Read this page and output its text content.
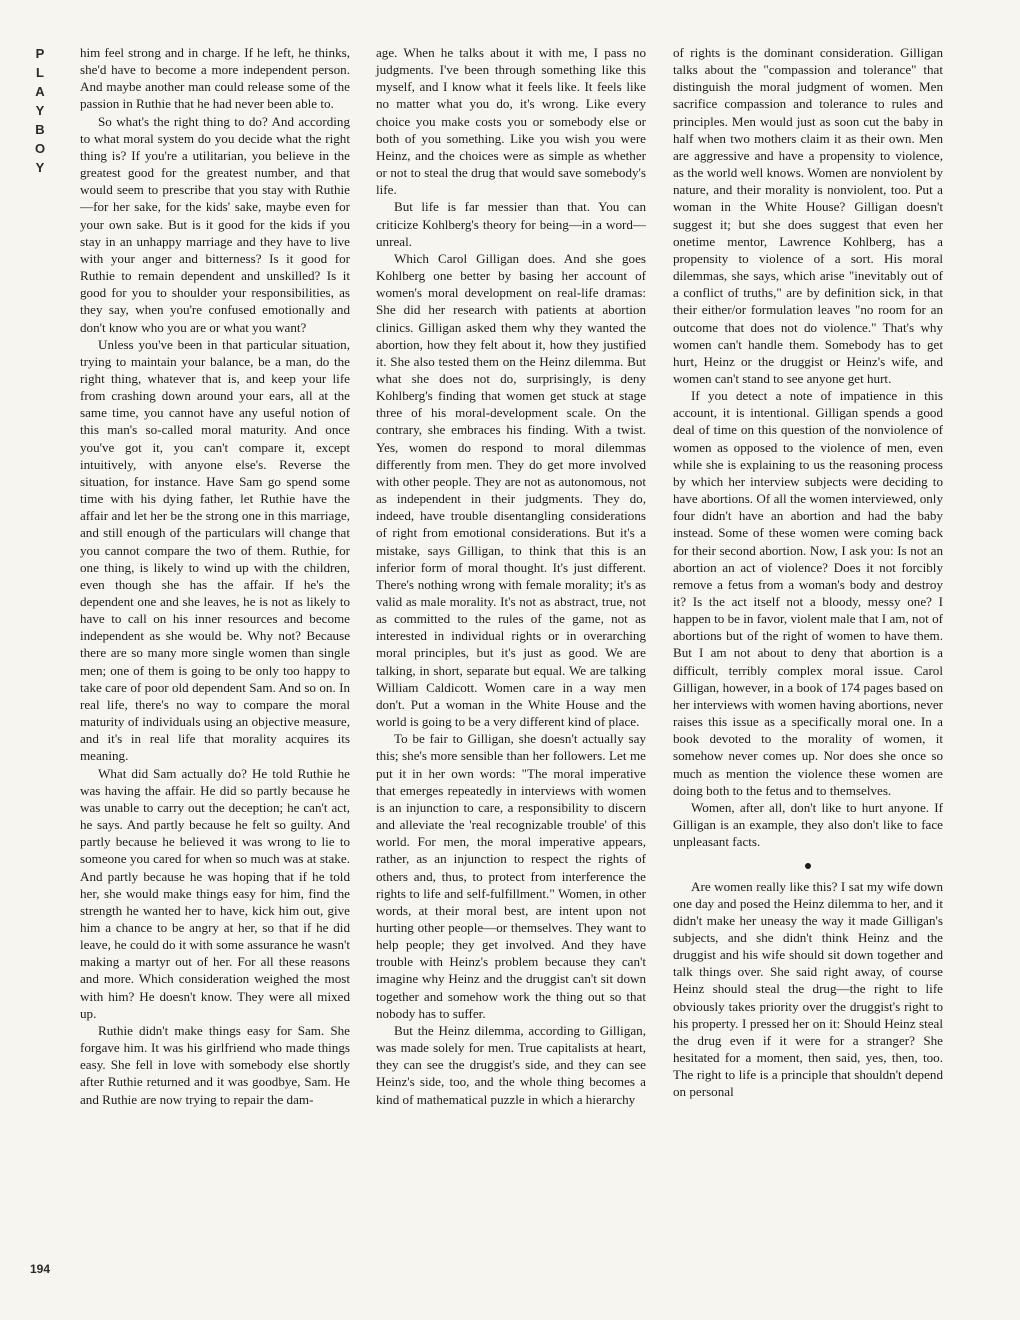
P
L
A
Y
B
O
Y
194

him feel strong and in charge. If he left, he thinks, she'd have to become a more independent person. And maybe another man could release some of the passion in Ruthie that he had never been able to.

So what's the right thing to do? And according to what moral system do you decide what the right thing is? If you're a utilitarian, you believe in the greatest good for the greatest number, and that would seem to prescribe that you stay with Ruthie—for her sake, for the kids' sake, maybe even for your own sake. But is it good for the kids if you stay in an unhappy marriage and they have to live with your anger and bitterness? Is it good for Ruthie to remain dependent and unskilled? Is it good for you to shoulder your responsibilities, as they say, when you're confused emotionally and don't know who you are or what you want?

Unless you've been in that particular situation, trying to maintain your balance, be a man, do the right thing, whatever that is, and keep your life from crashing down around your ears, all at the same time, you cannot have any useful notion of this man's so-called moral maturity. And once you've got it, you can't compare it, except intuitively, with anyone else's. Reverse the situation, for instance. Have Sam go spend some time with his dying father, let Ruthie have the affair and let her be the strong one in this marriage, and still enough of the particulars will change that you cannot compare the two of them. Ruthie, for one thing, is likely to wind up with the children, even though she has the affair. If he's the dependent one and she leaves, he is not as likely to have to call on his inner resources and become independent as she would be. Why not? Because there are so many more single women than single men; one of them is going to be only too happy to take care of poor old dependent Sam. And so on. In real life, there's no way to compare the moral maturity of individuals using an objective measure, and it's in real life that morality acquires its meaning.

What did Sam actually do? He told Ruthie he was having the affair. He did so partly because he was unable to carry out the deception; he can't act, he says. And partly because he felt so guilty. And partly because he believed it was wrong to lie to someone you cared for when so much was at stake. And partly because he was hoping that if he told her, she would make things easy for him, find the strength he wanted her to have, kick him out, give him a chance to be angry at her, so that if he did leave, he could do it with some assurance he wasn't making a martyr out of her. For all these reasons and more. Which consideration weighed the most with him? He doesn't know. They were all mixed up.

Ruthie didn't make things easy for Sam. She forgave him. It was his girlfriend who made things easy. She fell in love with somebody else shortly after Ruthie returned and it was goodbye, Sam. He and Ruthie are now trying to repair the dam-

age. When he talks about it with me, I pass no judgments. I've been through something like this myself, and I know what it feels like. It feels like no matter what you do, it's wrong. Like every choice you make costs you or somebody else or both of you something. Like you wish you were Heinz, and the choices were as simple as whether or not to steal the drug that would save somebody's life.

But life is far messier than that. You can criticize Kohlberg's theory for being—in a word—unreal.

Which Carol Gilligan does. And she goes Kohlberg one better by basing her account of women's moral development on real-life dramas: She did her research with patients at abortion clinics. Gilligan asked them why they wanted the abortion, how they felt about it, how they justified it. She also tested them on the Heinz dilemma. But what she does not do, surprisingly, is deny Kohlberg's finding that women get stuck at stage three of his moral-development scale. On the contrary, she embraces his finding. With a twist. Yes, women do respond to moral dilemmas differently from men. They do get more involved with other people. They are not as autonomous, not as independent in their judgments. They do, indeed, have trouble disentangling considerations of right from emotional considerations. But it's a mistake, says Gilligan, to think that this is an inferior form of moral thought. It's just different. There's nothing wrong with female morality; it's as valid as male morality. It's not as abstract, true, not as committed to the rules of the game, not as interested in individual rights or in overarching moral principles, but it's just as good. We are talking, in short, separate but equal. We are talking William Caldicott. Women care in a way men don't. Put a woman in the White House and the world is going to be a very different kind of place.

To be fair to Gilligan, she doesn't actually say this; she's more sensible than her followers. Let me put it in her own words: "The moral imperative that emerges repeatedly in interviews with women is an injunction to care, a responsibility to discern and alleviate the 'real recognizable trouble' of this world. For men, the moral imperative appears, rather, as an injunction to respect the rights of others and, thus, to protect from interference the rights to life and self-fulfillment." Women, in other words, at their moral best, are intent upon not hurting other people—or themselves. They want to help people; they get involved. And they have trouble with Heinz's problem because they can't imagine why Heinz and the druggist can't sit down together and somehow work the thing out so that nobody has to suffer.

But the Heinz dilemma, according to Gilligan, was made solely for men. True capitalists at heart, they can see the druggist's side, and they can see Heinz's side, too, and the whole thing becomes a kind of mathematical puzzle in which a hierarchy

of rights is the dominant consideration. Gilligan talks about the "compassion and tolerance" that distinguish the moral judgment of women. Men sacrifice compassion and tolerance to rules and principles. Men would just as soon cut the baby in half when two mothers claim it as their own. Men are aggressive and have a propensity to violence, as the world well knows. Women are nonviolent by nature, and their morality is nonviolent, too. Put a woman in the White House? Gilligan doesn't suggest it; but she does suggest that even her onetime mentor, Lawrence Kohlberg, has a propensity to violence of a sort. His moral dilemmas, she says, which arise "inevitably out of a conflict of truths," are by definition sick, in that their either/or formulation leaves "no room for an outcome that does not do violence." That's why women can't handle them. Somebody has to get hurt, Heinz or the druggist or Heinz's wife, and women can't stand to see anyone get hurt.

If you detect a note of impatience in this account, it is intentional. Gilligan spends a good deal of time on this question of the nonviolence of women as opposed to the violence of men, even while she is explaining to us the reasoning process by which her interview subjects were deciding to have abortions. Of all the women interviewed, only four didn't have an abortion and had the baby instead. Some of these women were coming back for their second abortion. Now, I ask you: Is not an abortion an act of violence? Does it not forcibly remove a fetus from a woman's body and destroy it? Is the act itself not a bloody, messy one? I happen to be in favor, violent male that I am, not of abortions but of the right of women to have them. But I am not about to deny that abortion is a difficult, terribly complex moral issue. Carol Gilligan, however, in a book of 174 pages based on her interviews with women having abortions, never raises this issue as a specifically moral one. In a book devoted to the morality of women, it somehow never comes up. Nor does she once so much as mention the violence these women are doing both to the fetus and to themselves.

Women, after all, don't like to hurt anyone. If Gilligan is an example, they also don't like to face unpleasant facts.

Are women really like this? I sat my wife down one day and posed the Heinz dilemma to her, and it didn't make her uneasy the way it made Gilligan's subjects, and she didn't think Heinz and the druggist and his wife should sit down together and talk things over. She said right away, of course Heinz should steal the drug—the right to life obviously takes priority over the druggist's right to his property. I pressed her on it: Should Heinz steal the drug even if it were for a stranger? She hesitated for a moment, then said, yes, then, too. The right to life is a principle that shouldn't depend on personal
